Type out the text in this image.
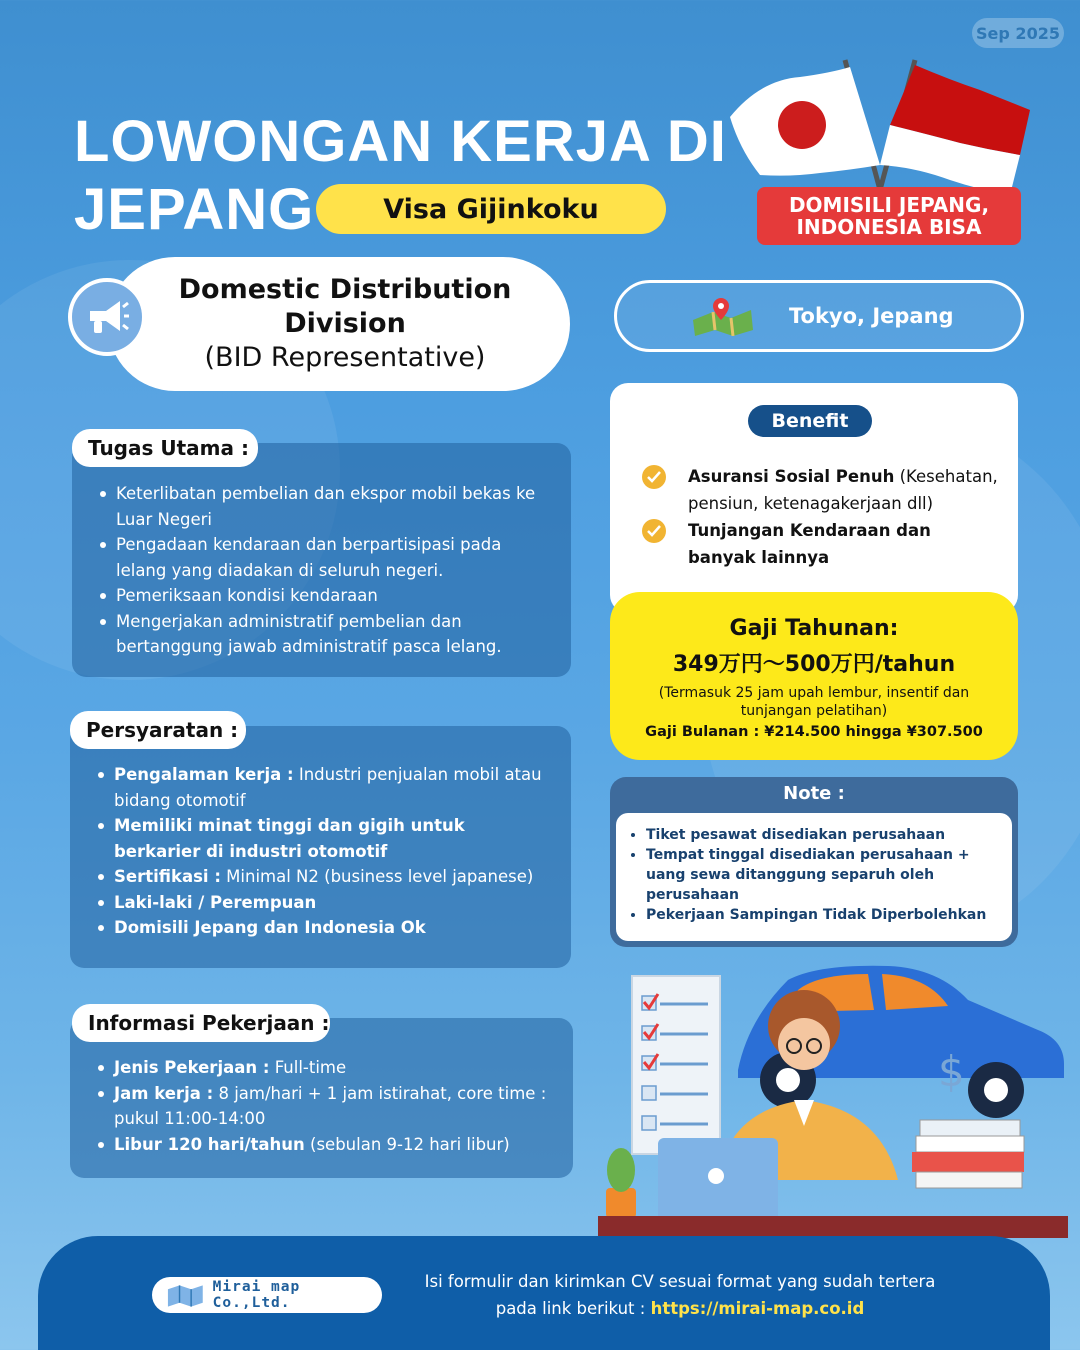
Sep 2025
LOWONGAN KERJA DI
JEPANG	Visa Gijinkoku	DOMISILI JEPANG,
INDONESIA BISA
Domestic Distribution
Division
(BID Representative)
Tokyo, Jepang
Keterlibatan pembelian dan ekspor mobil bekas ke Luar Negeri
Pengadaan kendaraan dan berpartisipasi pada lelang yang diadakan di seluruh negeri.
Pemeriksaan kondisi kendaraan
Mengerjakan administratif pembelian dan bertanggung jawab administratif pasca lelang.
Tugas Utama :
Pengalaman kerja : Industri penjualan mobil atau bidang otomotif
Memiliki minat tinggi dan gigih untuk berkarier di industri otomotif
Sertifikasi : Minimal N2 (business level japanese)
Laki-laki / Perempuan
Domisili Jepang dan Indonesia Ok
Persyaratan :
Jenis Pekerjaan : Full-time
Jam kerja : 8 jam/hari + 1 jam istirahat, core time : pukul 11:00-14:00
Libur 120 hari/tahun (sebulan 9-12 hari libur)
Informasi Pekerjaan :
Benefit
Asuransi Sosial Penuh (Kesehatan, pensiun, ketenagakerjaan dll)
Tunjangan Kendaraan dan banyak lainnya
Gaji Tahunan:
349万円〜500万円/tahun
(Termasuk 25 jam upah lembur, insentif dan tunjangan pelatihan)
Gaji Bulanan : ¥214.500 hingga ¥307.500
Note :
• Tiket pesawat disediakan perusahaan
• Tempat tinggal disediakan perusahaan + uang sewa ditanggung separuh oleh perusahaan
• Pekerjaan Sampingan Tidak Diperbolehkan
$
Mirai map Co.,Ltd.
Isi formulir dan kirimkan CV sesuai format yang sudah tertera
pada link berikut : https://mirai-map.co.id
